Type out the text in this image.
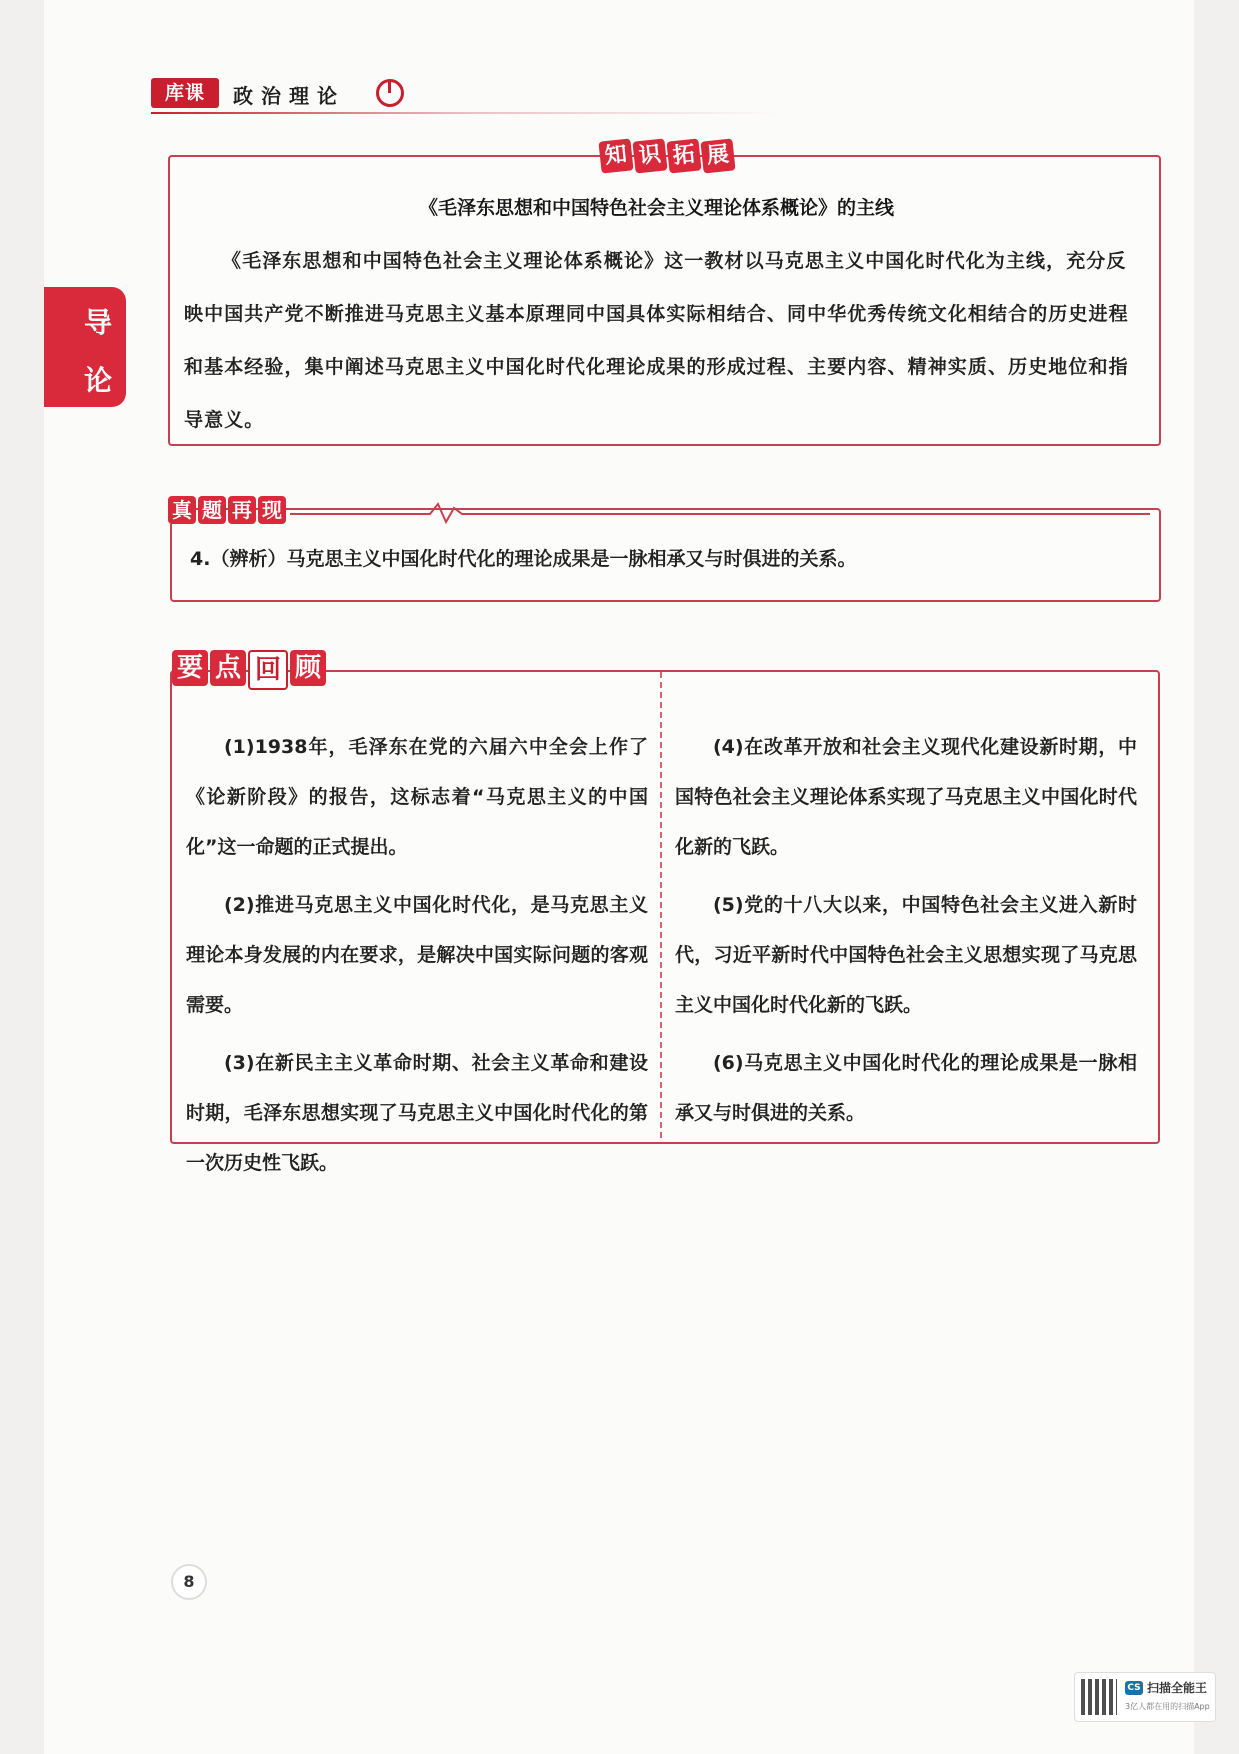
库课	政治理论
导
论
《毛泽东思想和中国特色社会主义理论体系概论》的主线
《毛泽东思想和中国特色社会主义理论体系概论》这一教材以马克思主义中国化时代化为主线，充分反映中国共产党不断推进马克思主义基本原理同中国具体实际相结合、同中华优秀传统文化相结合的历史进程和基本经验，集中阐述马克思主义中国化时代化理论成果的形成过程、主要内容、精神实质、历史地位和指导意义。
知 识 拓 展
4.（辨析）马克思主义中国化时代化的理论成果是一脉相承又与时俱进的关系。
真 题 再 现

(1)1938年，毛泽东在党的六届六中全会上作了《论新阶段》的报告，这标志着“马克思主义的中国化”这一命题的正式提出。

(2)推进马克思主义中国化时代化，是马克思主义理论本身发展的内在要求，是解决中国实际问题的客观需要。

(3)在新民主主义革命时期、社会主义革命和建设时期，毛泽东思想实现了马克思主义中国化时代化的第一次历史性飞跃。

(4)在改革开放和社会主义现代化建设新时期，中国特色社会主义理论体系实现了马克思主义中国化时代化新的飞跃。

(5)党的十八大以来，中国特色社会主义进入新时代，习近平新时代中国特色社会主义思想实现了马克思主义中国化时代化新的飞跃。

(6)马克思主义中国化时代化的理论成果是一脉相承又与时俱进的关系。

要 点 回 顾
8
CS 扫描全能王
3亿人都在用的扫描App
